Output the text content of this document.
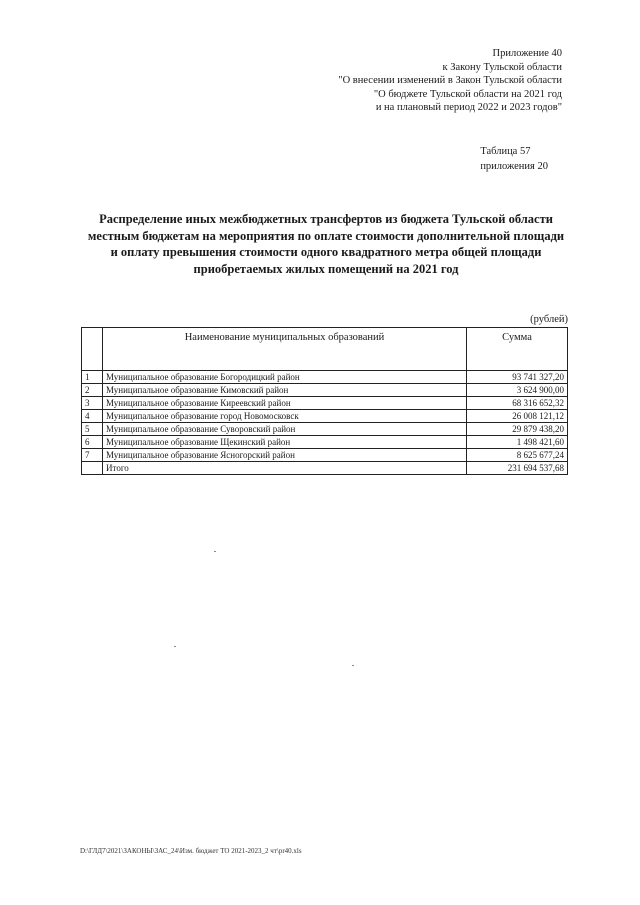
Приложение 40
к Закону Тульской области
"О внесении изменений в Закон Тульской области
"О бюджете Тульской области на 2021 год
и на плановый период 2022 и 2023 годов"
Таблица 57
приложения 20
Распределение иных межбюджетных трансфертов из бюджета Тульской области
местным бюджетам на мероприятия по оплате стоимости дополнительной площади
и оплату превышения стоимости одного квадратного метра общей площади
приобретаемых жилых помещений на 2021 год
(рублей)
	Наименование муниципальных образований	Сумма
1	Муниципальное образование Богородицкий район	93 741 327,20
2	Муниципальное образование Кимовский район	3 624 900,00
3	Муниципальное образование Киреевский район	68 316 652,32
4	Муниципальное образование город Новомосковск	26 008 121,12
5	Муниципальное образование Суворовский район	29 879 438,20
6	Муниципальное образование Щекинский район	1 498 421,60
7	Муниципальное образование Ясногорский район	8 625 677,24
	Итого	231 694 537,68
D:\ГЛД7\2021\ЗАКОНЫ\ЗАС_24\Изм. бюджет ТО 2021-2023_2 чт\pr40.xls
